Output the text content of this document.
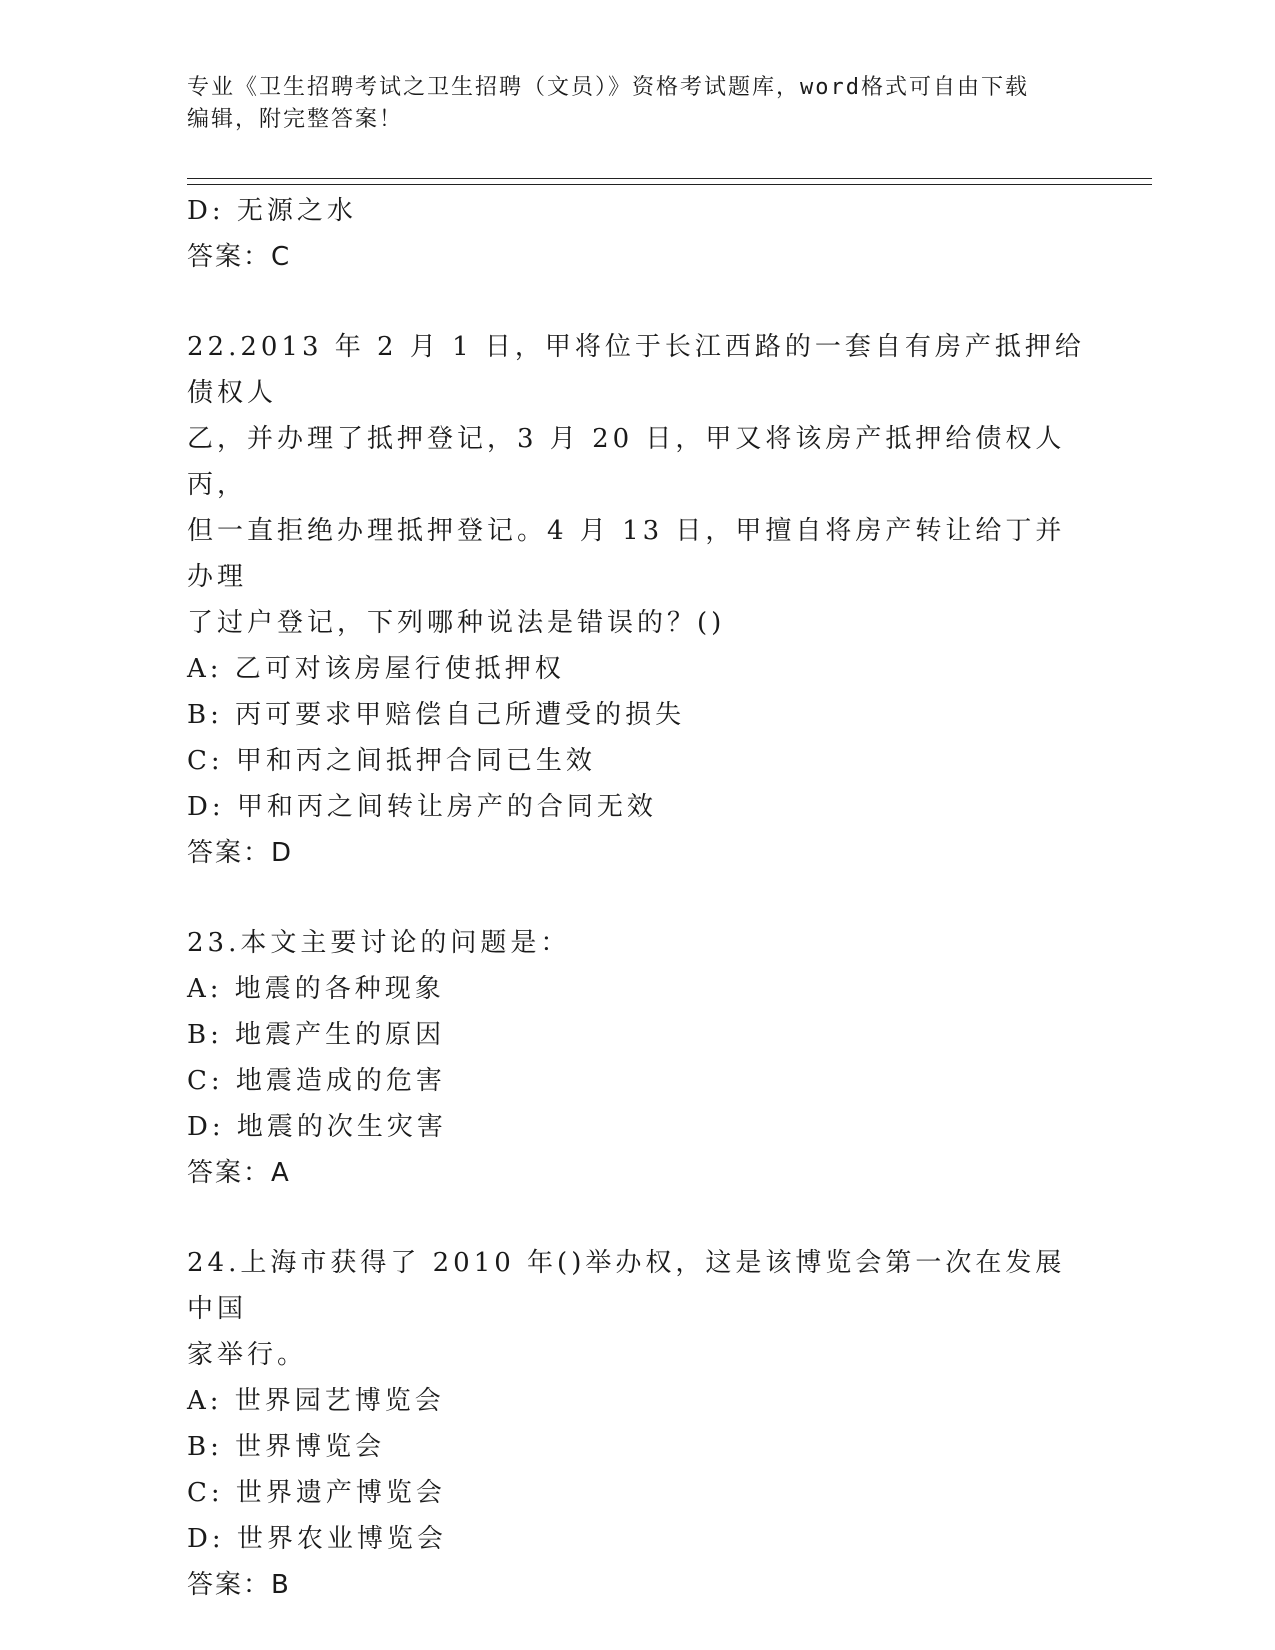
专业《卫生招聘考试之卫生招聘（文员）》资格考试题库，word格式可自由下载
编辑，附完整答案！
D: 无源之水
答案：C
22.2013 年 2 月 1 日，甲将位于长江西路的一套自有房产抵押给债权人
乙，并办理了抵押登记，3 月 20 日，甲又将该房产抵押给债权人丙，
但一直拒绝办理抵押登记。4 月 13 日，甲擅自将房产转让给丁并办理
了过户登记，下列哪种说法是错误的？()
A: 乙可对该房屋行使抵押权
B: 丙可要求甲赔偿自己所遭受的损失
C: 甲和丙之间抵押合同已生效
D: 甲和丙之间转让房产的合同无效
答案：D
23.本文主要讨论的问题是：
A: 地震的各种现象
B: 地震产生的原因
C: 地震造成的危害
D: 地震的次生灾害
答案：A
24.上海市获得了 2010 年()举办权，这是该博览会第一次在发展中国
家举行。
A: 世界园艺博览会
B: 世界博览会
C: 世界遗产博览会
D: 世界农业博览会
答案：B
